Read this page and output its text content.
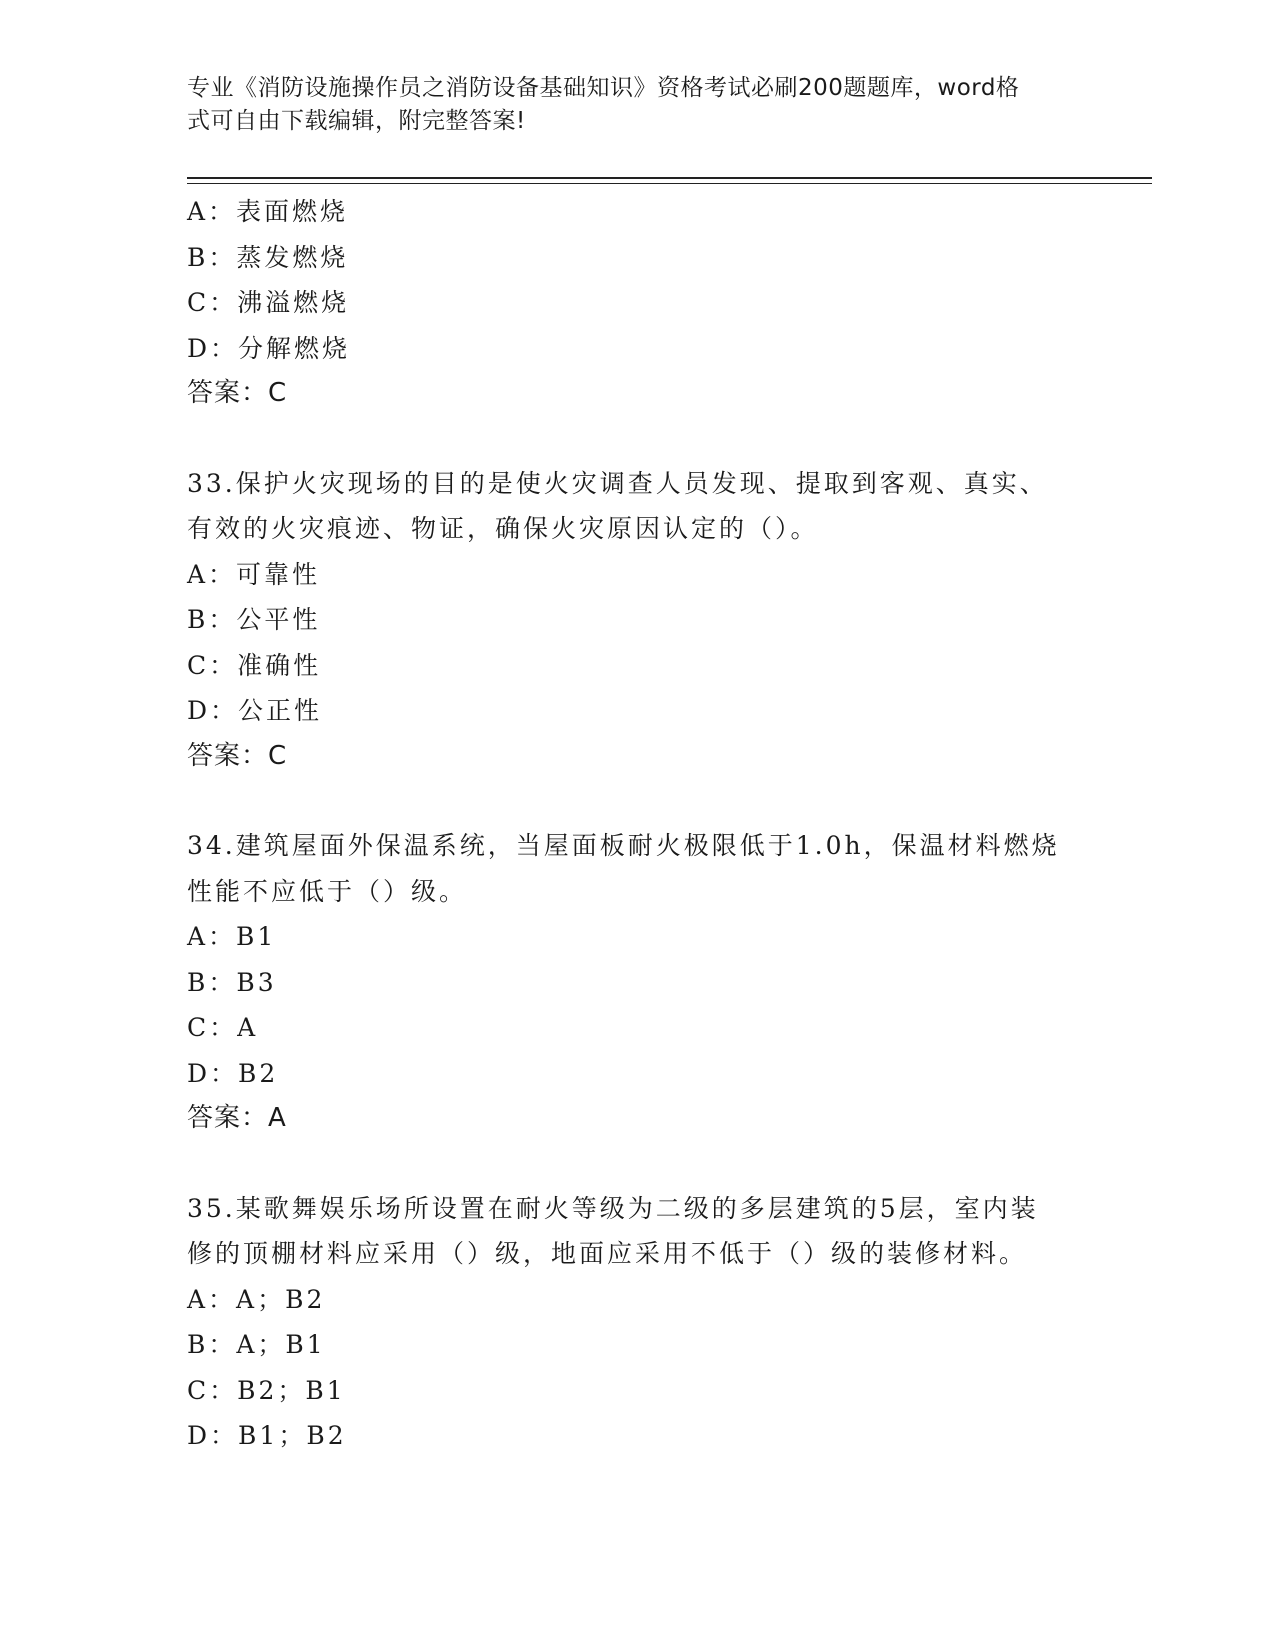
专业《消防设施操作员之消防设备基础知识》资格考试必刷200题题库，word格
式可自由下载编辑，附完整答案!
A：表面燃烧
B：蒸发燃烧
C：沸溢燃烧
D：分解燃烧
答案：C
33.保护火灾现场的目的是使火灾调查人员发现、提取到客观、真实、
有效的火灾痕迹、物证，确保火灾原因认定的（）。
A：可靠性
B：公平性
C：准确性
D：公正性
答案：C
34.建筑屋面外保温系统，当屋面板耐火极限低于1.0h，保温材料燃烧
性能不应低于（）级。
A：B1
B：B3
C：A
D：B2
答案：A
35.某歌舞娱乐场所设置在耐火等级为二级的多层建筑的5层，室内装
修的顶棚材料应采用（）级，地面应采用不低于（）级的装修材料。
A：A；B2
B：A；B1
C：B2；B1
D：B1；B2
